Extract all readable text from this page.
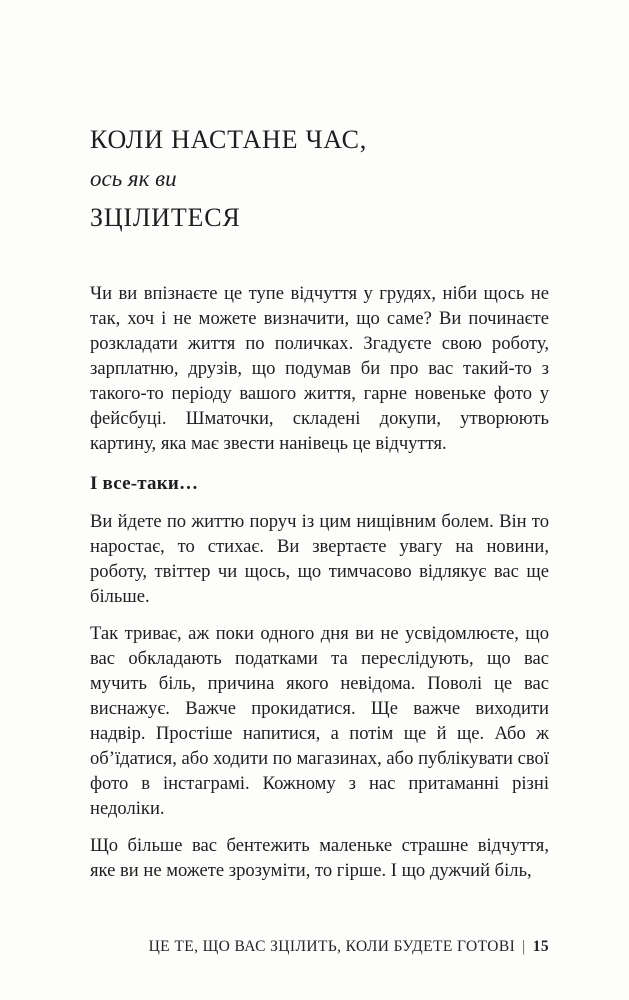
КОЛИ НАСТАНЕ ЧАС,
ось як ви
ЗЦІЛИТЕСЯ

Чи ви впізнаєте це тупе відчуття у грудях, ніби щось не так, хоч і не можете визначити, що саме? Ви починаєте розкладати життя по поличках. Згадуєте свою роботу, зарплатню, друзів, що подумав би про вас такий-то з такого-то періоду вашого життя, гарне новеньке фото у фейсбуці. Шматочки, складені докупи, утворюють картину, яка має звести нанівець це відчуття.

І все-таки…

Ви йдете по життю поруч із цим нищівним болем. Він то наростає, то стихає. Ви звертаєте увагу на новини, роботу, твіттер чи щось, що тимчасово відлякує вас ще більше.

Так триває, аж поки одного дня ви не усвідомлюєте, що вас обкладають податками та переслідують, що вас мучить біль, причина якого невідома. Поволі це вас виснажує. Важче прокидатися. Ще важче виходити надвір. Простіше напитися, а потім ще й ще. Або ж об’їдатися, або ходити по магазинах, або публікувати свої фото в інстаграмі. Кожному з нас притаманні різні недоліки.

Що більше вас бентежить маленьке страшне відчуття, яке ви не можете зрозуміти, то гірше. І що дужчий біль,

ЦЕ ТЕ, ЩО ВАС ЗЦІЛИТЬ, КОЛИ БУДЕТЕ ГОТОВІ | 15
